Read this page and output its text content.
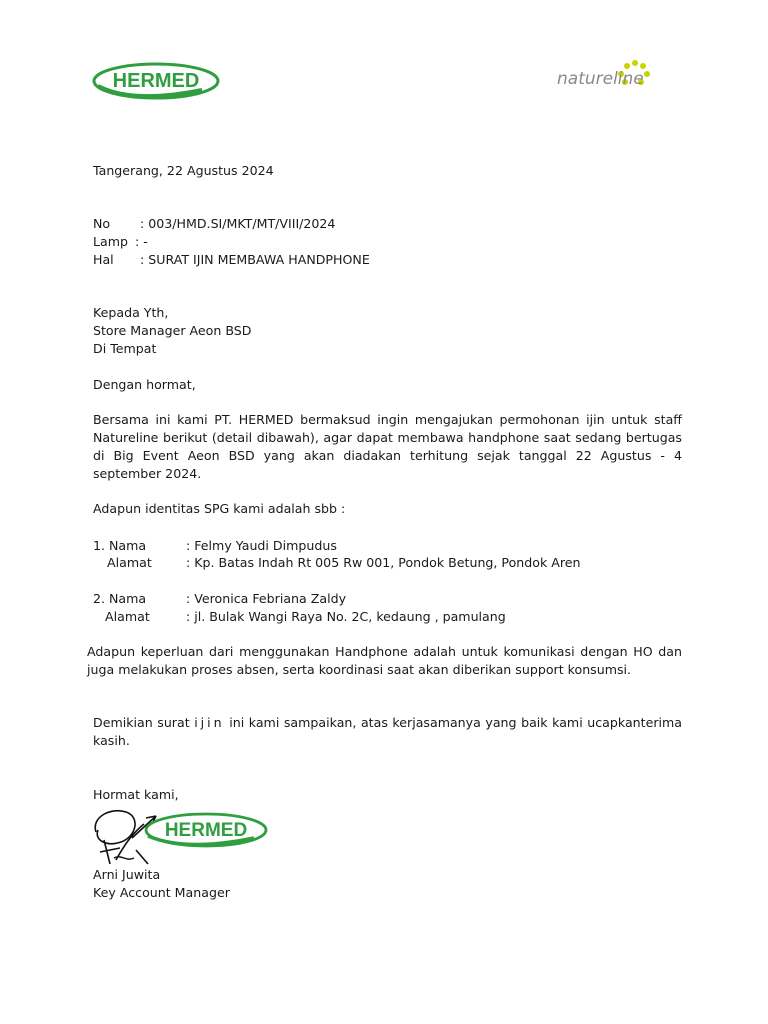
HERMED	natureline
Tangerang, 22 Agustus 2024
No : 003/HMD.SI/MKT/MT/VIII/2024
Lamp : -
Hal : SURAT IJIN MEMBAWA HANDPHONE
Kepada Yth,
Store Manager Aeon BSD
Di Tempat
Dengan hormat,
Bersama ini kami PT. HERMED bermaksud ingin mengajukan permohonan ijin untuk staff Natureline berikut (detail dibawah), agar dapat membawa handphone saat sedang bertugas di Big Event Aeon BSD yang akan diadakan terhitung sejak tanggal 22 Agustus - 4 september 2024.
Adapun identitas SPG kami adalah sbb :
1. Nama	: Felmy Yaudi Dimpudus
Alamat	: Kp. Batas Indah Rt 005 Rw 001, Pondok Betung, Pondok Aren
2. Nama	: Veronica Febriana Zaldy
Alamat	: jl. Bulak Wangi Raya No. 2C, kedaung , pamulang
Adapun keperluan dari menggunakan Handphone adalah untuk komunikasi dengan HO dan juga melakukan proses absen, serta koordinasi saat akan diberikan support konsumsi.
Demikian surat ijin ini kami sampaikan, atas kerjasamanya yang baik kami ucapkanterima kasih.
Hormat kami,
HERMED
Arni Juwita
Key Account Manager
